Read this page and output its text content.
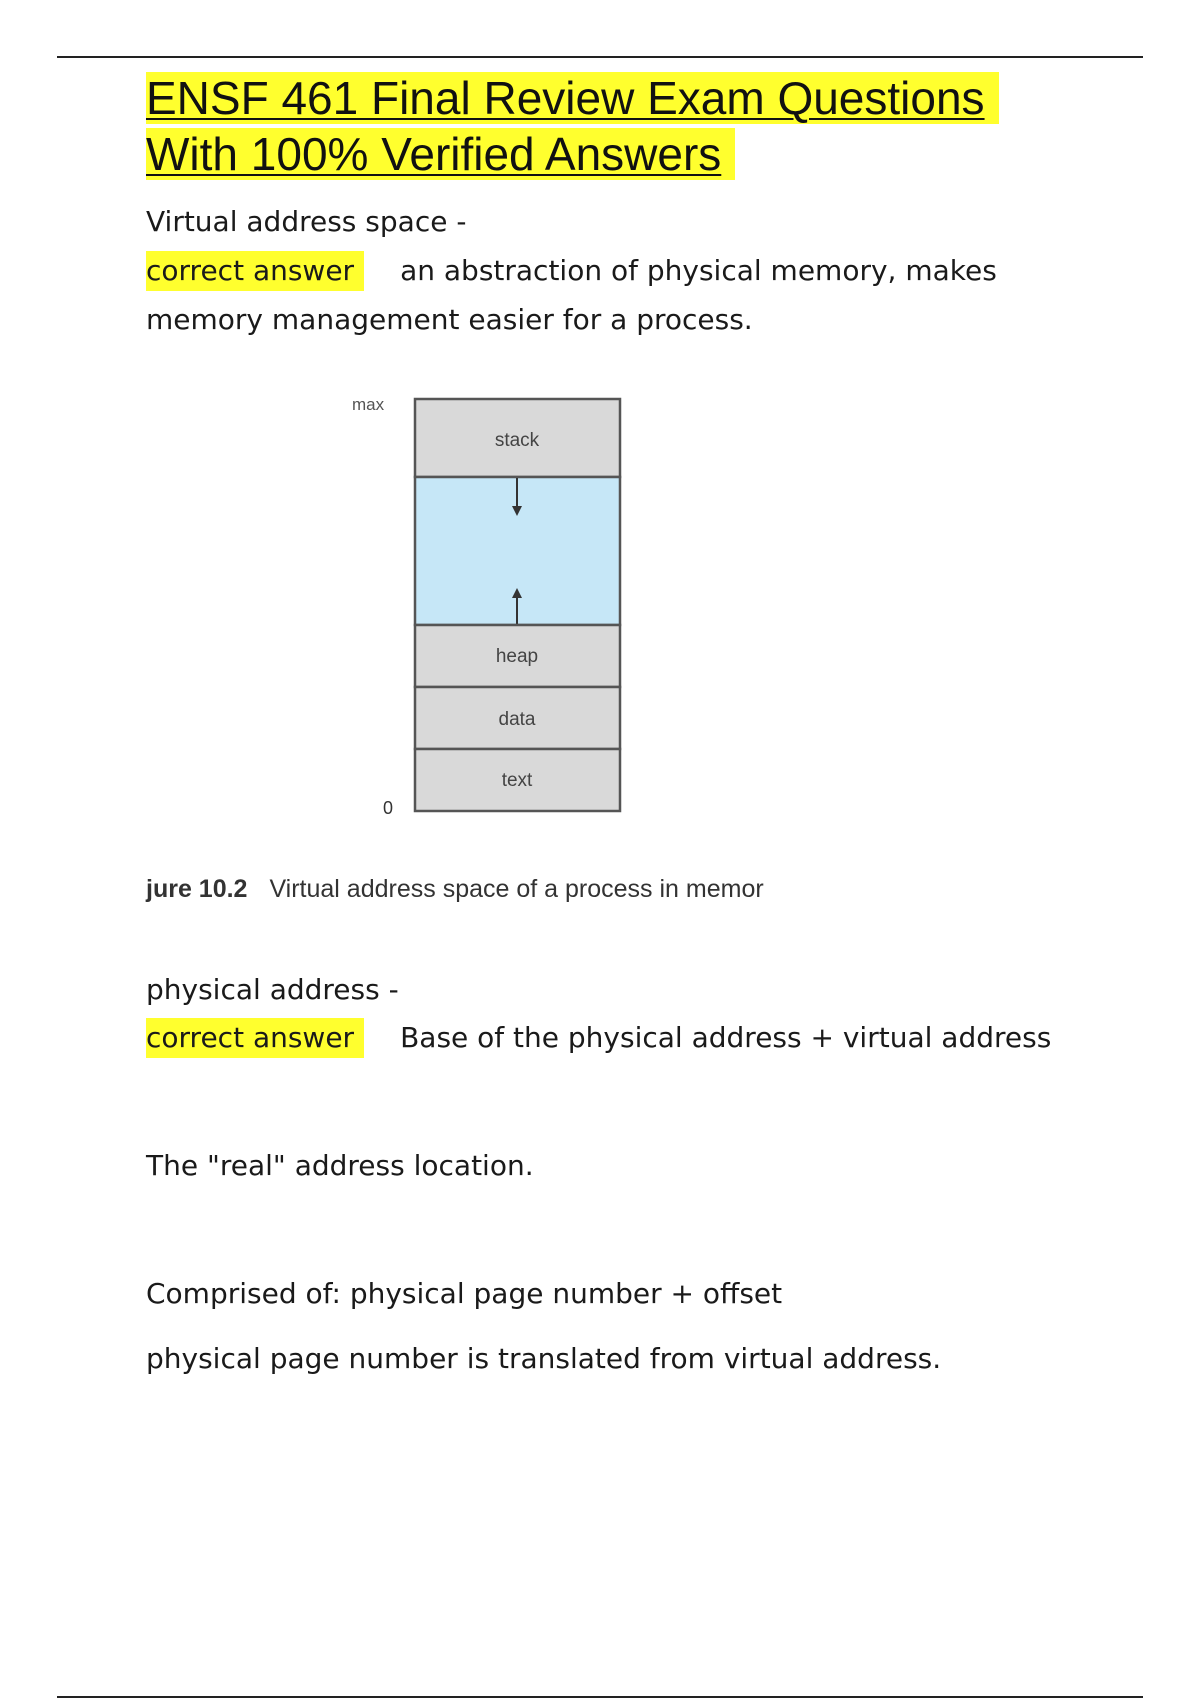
ENSF 461 Final Review Exam Questions
With 100% Verified Answers
Virtual address space -
correct answer an abstraction of physical memory, makes
memory management easier for a process.
max
0
stack
heap
data
text
jure 10.2 Virtual address space of a process in memor
physical address -
correct answer Base of the physical address + virtual address
The "real" address location.
Comprised of: physical page number + offset
physical page number is translated from virtual address.
